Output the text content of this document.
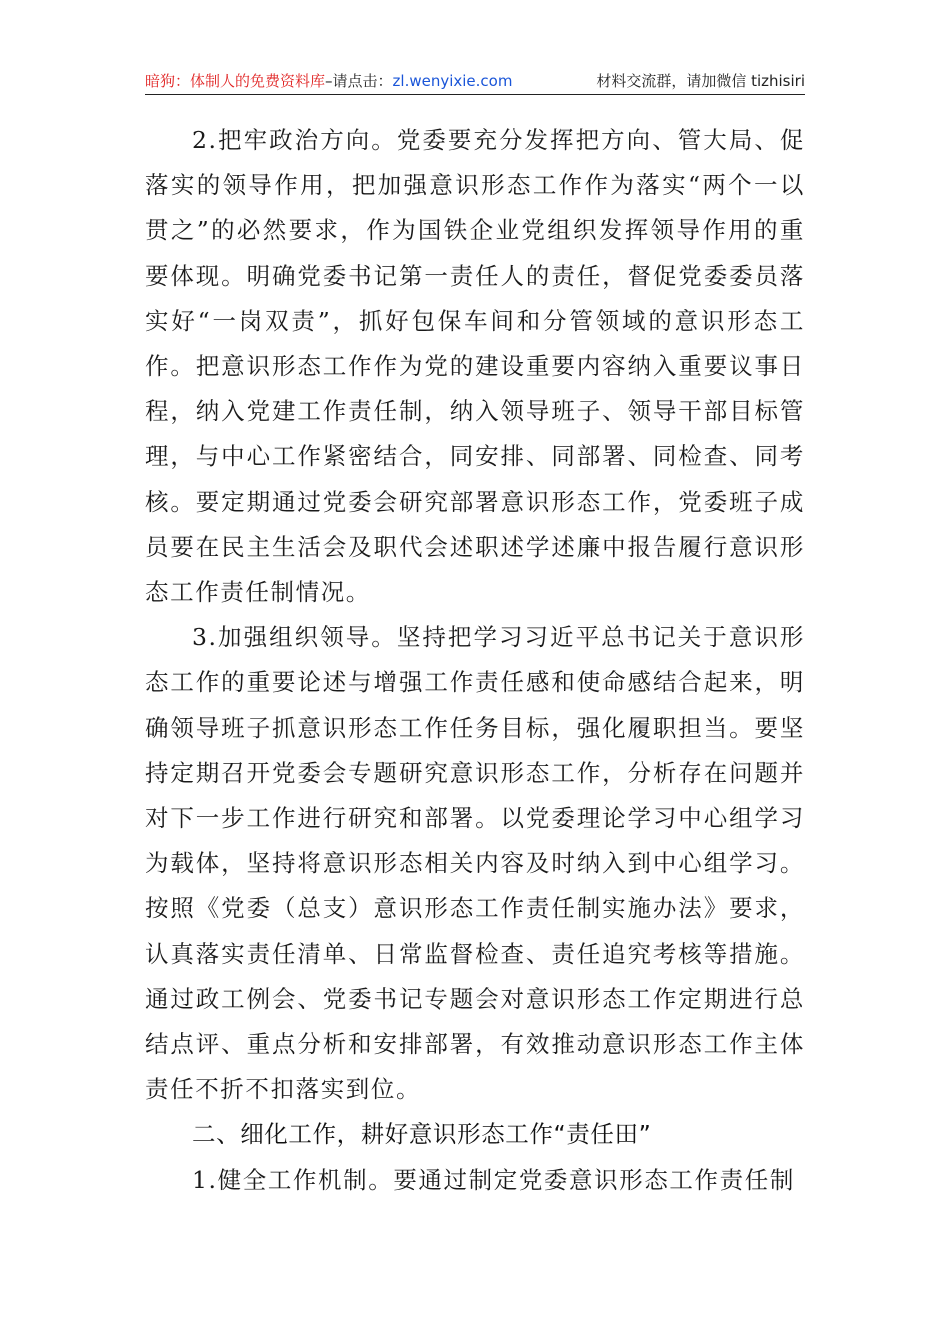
暗狗：体制人的免费资料库–请点击：zl.wenyixie.com	材料交流群，请加微信 tizhisiri

2.把牢政治方向。党委要充分发挥把方向、管大局、促落实的领导作用，把加强意识形态工作作为落实“两个一以贯之”的必然要求，作为国铁企业党组织发挥领导作用的重要体现。明确党委书记第一责任人的责任，督促党委委员落实好“一岗双责”，抓好包保车间和分管领域的意识形态工作。把意识形态工作作为党的建设重要内容纳入重要议事日程，纳入党建工作责任制，纳入领导班子、领导干部目标管理，与中心工作紧密结合，同安排、同部署、同检查、同考核。要定期通过党委会研究部署意识形态工作，党委班子成员要在民主生活会及职代会述职述学述廉中报告履行意识形态工作责任制情况。

3.加强组织领导。坚持把学习习近平总书记关于意识形态工作的重要论述与增强工作责任感和使命感结合起来，明确领导班子抓意识形态工作任务目标，强化履职担当。要坚持定期召开党委会专题研究意识形态工作，分析存在问题并对下一步工作进行研究和部署。以党委理论学习中心组学习为载体，坚持将意识形态相关内容及时纳入到中心组学习。按照《党委（总支）意识形态工作责任制实施办法》要求，认真落实责任清单、日常监督检查、责任追究考核等措施。通过政工例会、党委书记专题会对意识形态工作定期进行总结点评、重点分析和安排部署，有效推动意识形态工作主体责任不折不扣落实到位。

二、细化工作，耕好意识形态工作“责任田”

1.健全工作机制。要通过制定党委意识形态工作责任制
